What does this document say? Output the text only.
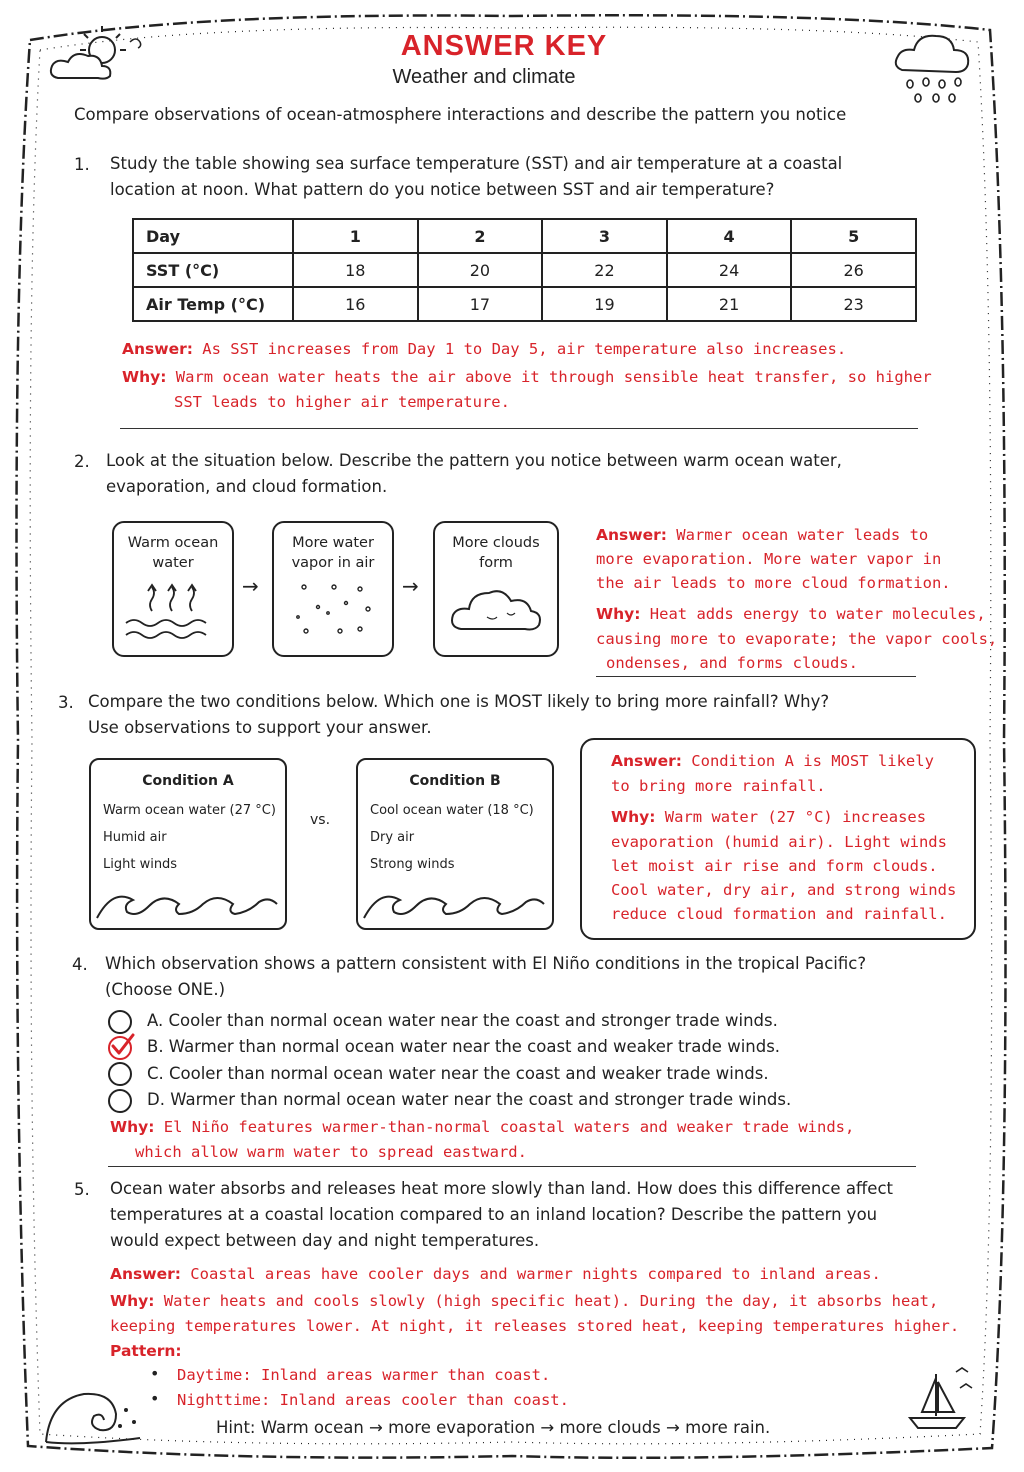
ANSWER KEY
Weather and climate
Compare observations of ocean-atmosphere interactions and describe the pattern you notice
1. Study the table showing sea surface temperature (SST) and air temperature at a coastal
location at noon. What pattern do you notice between SST and air temperature?
Day	1	2	3	4	5
SST (°C)	18	20	22	24	26
Air Temp (°C)	16	17	19	21	23
Answer: As SST increases from Day 1 to Day 5, air temperature also increases.
Why: Warm ocean water heats the air above it through sensible heat transfer, so higher
SST leads to higher air temperature.
2. Look at the situation below. Describe the pattern you notice between warm ocean water,
evaporation, and cloud formation.
Warm ocean
water
→
More water
vapor in air
→
More clouds
form
Answer: Warmer ocean water leads to
more evaporation. More water vapor in
the air leads to more cloud formation.
Why: Heat adds energy to water molecules,
causing more to evaporate; the vapor cools,
ondenses, and forms clouds.
3. Compare the two conditions below. Which one is MOST likely to bring more rainfall? Why?
Use observations to support your answer.
Condition A
Warm ocean water (27 °C)
Humid air
Light winds
vs.
Condition B
Cool ocean water (18 °C)
Dry air
Strong winds
Answer: Condition A is MOST likely
to bring more rainfall.
Why: Warm water (27 °C) increases
evaporation (humid air). Light winds
let moist air rise and form clouds.
Cool water, dry air, and strong winds
reduce cloud formation and rainfall.
4. Which observation shows a pattern consistent with El Niño conditions in the tropical Pacific?
(Choose ONE.)
A. Cooler than normal ocean water near the coast and stronger trade winds.
B. Warmer than normal ocean water near the coast and weaker trade winds.
C. Cooler than normal ocean water near the coast and weaker trade winds.
D. Warmer than normal ocean water near the coast and stronger trade winds.
Why: El Niño features warmer-than-normal coastal waters and weaker trade winds,
which allow warm water to spread eastward.
5. Ocean water absorbs and releases heat more slowly than land. How does this difference affect
temperatures at a coastal location compared to an inland location? Describe the pattern you
would expect between day and night temperatures.
Answer: Coastal areas have cooler days and warmer nights compared to inland areas.
Why: Water heats and cools slowly (high specific heat). During the day, it absorbs heat,
keeping temperatures lower. At night, it releases stored heat, keeping temperatures higher.
Pattern:
• Daytime: Inland areas warmer than coast.
• Nighttime: Inland areas cooler than coast.
Hint: Warm ocean → more evaporation → more clouds → more rain.
